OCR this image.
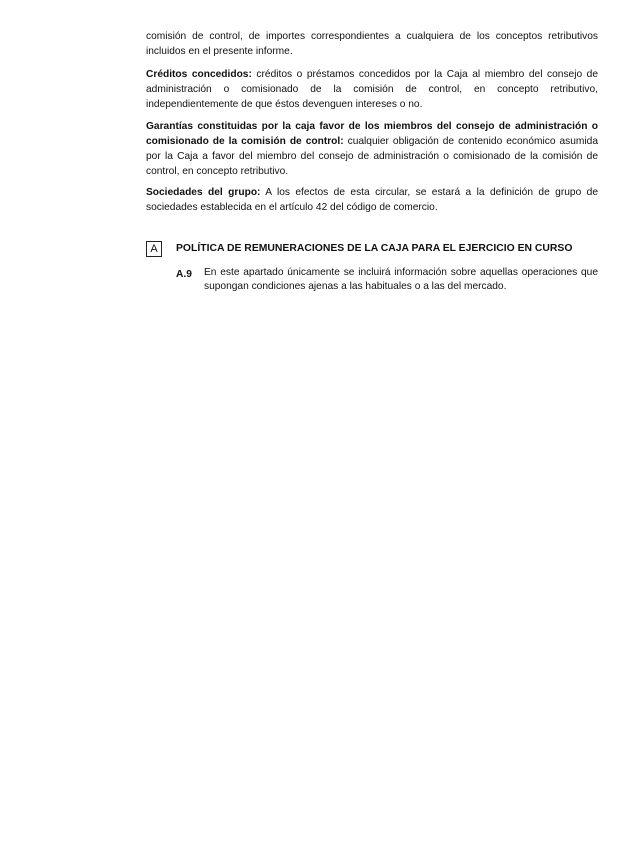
comisión de control, de importes correspondientes a cualquiera de los conceptos retributivos incluidos en el presente informe.

Créditos concedidos: créditos o préstamos concedidos por la Caja al miembro del consejo de administración o comisionado de la comisión de control, en concepto retributivo, independientemente de que éstos devenguen intereses o no.

Garantías constituidas por la caja favor de los miembros del consejo de administración o comisionado de la comisión de control: cualquier obligación de contenido económico asumida por la Caja a favor del miembro del consejo de administración o comisionado de la comisión de control, en concepto retributivo.

Sociedades del grupo: A los efectos de esta circular, se estará a la definición de grupo de sociedades establecida en el artículo 42 del código de comercio.

A	POLÍTICA DE REMUNERACIONES DE LA CAJA PARA EL EJERCICIO EN CURSO
A.9 En este apartado únicamente se incluirá información sobre aquellas operaciones que supongan condiciones ajenas a las habituales o a las del mercado.
